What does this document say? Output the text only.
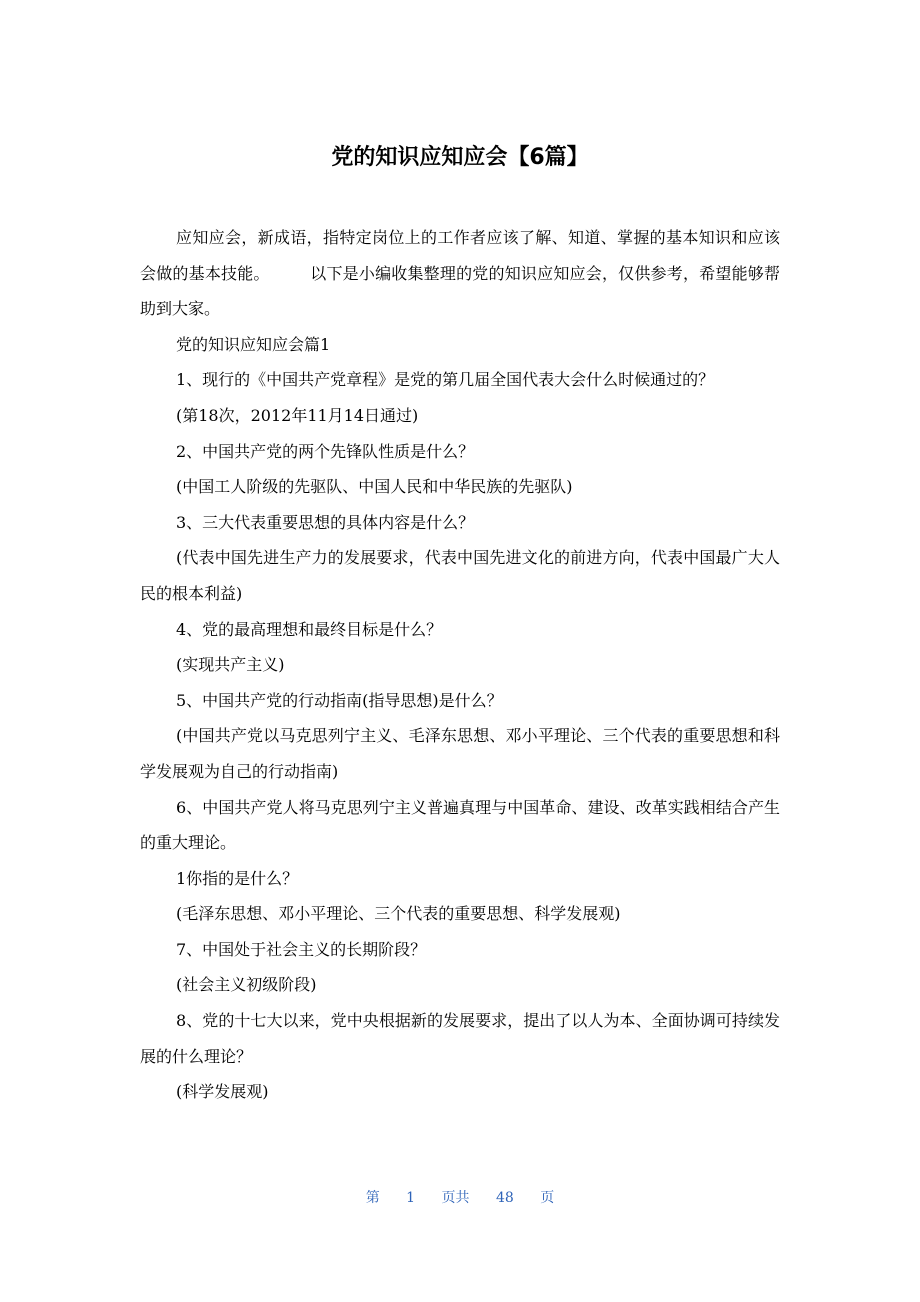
党的知识应知应会【6篇】

应知应会，新成语，指特定岗位上的工作者应该了解、知道、掌握的基本知识和应该会做的基本技能。　　　以下是小编收集整理的党的知识应知应会，仅供参考，希望能够帮助到大家。

党的知识应知应会篇1

1、现行的《中国共产党章程》是党的第几届全国代表大会什么时候通过的？

(第18次，2012年11月14日通过)

2、中国共产党的两个先锋队性质是什么？

(中国工人阶级的先驱队、中国人民和中华民族的先驱队)

3、三大代表重要思想的具体内容是什么？

(代表中国先进生产力的发展要求，代表中国先进文化的前进方向，代表中国最广大人民的根本利益)

4、党的最高理想和最终目标是什么？

(实现共产主义)

5、中国共产党的行动指南(指导思想)是什么？

(中国共产党以马克思列宁主义、毛泽东思想、邓小平理论、三个代表的重要思想和科学发展观为自己的行动指南)

6、中国共产党人将马克思列宁主义普遍真理与中国革命、建设、改革实践相结合产生的重大理论。

1你指的是什么？

(毛泽东思想、邓小平理论、三个代表的重要思想、科学发展观)

7、中国处于社会主义的长期阶段？

(社会主义初级阶段)

8、党的十七大以来，党中央根据新的发展要求，提出了以人为本、全面协调可持续发展的什么理论？

(科学发展观)

第 1 页共 48 页
